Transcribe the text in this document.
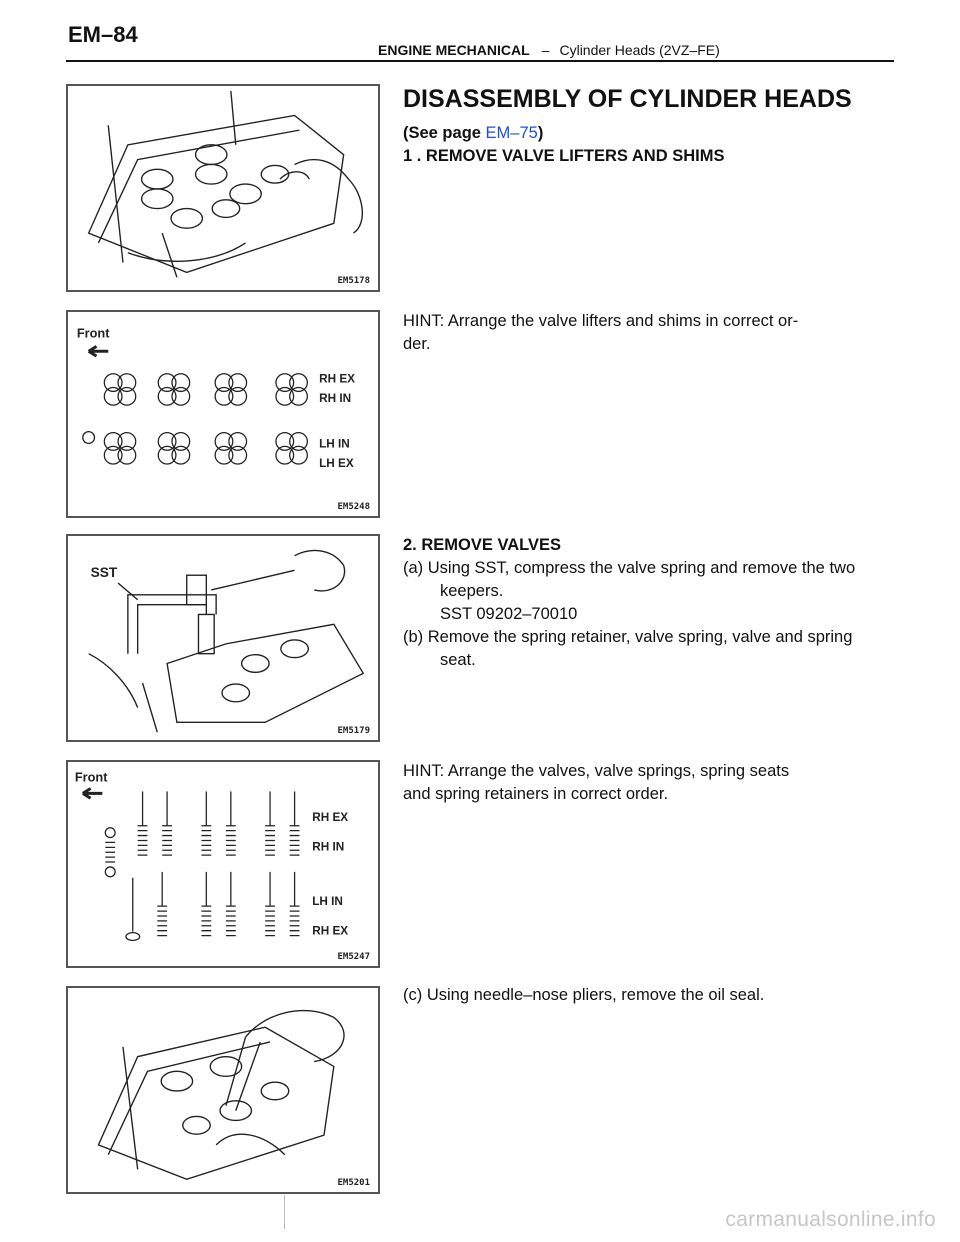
EM–84
ENGINE MECHANICAL – Cylinder Heads (2VZ–FE)
EM5178
Front
RH EX
RH IN
LH IN
LH EX
EM5248
SST
EM5179
Front
RH EX
RH IN
LH IN
RH EX
EM5247
EM5201
DISASSEMBLY OF CYLINDER HEADS
(See page EM–75)
1 . REMOVE VALVE LIFTERS AND SHIMS
HINT: Arrange the valve lifters and shims in correct or-
der.
2. REMOVE VALVES
(a) Using SST, compress the valve spring and remove the two
keepers.
SST 09202–70010
(b) Remove the spring retainer, valve spring, valve and spring
seat.
HINT: Arrange the valves, valve springs, spring seats
and spring retainers in correct order.
(c) Using needle–nose pliers, remove the oil seal.
carmanualsonline.info
